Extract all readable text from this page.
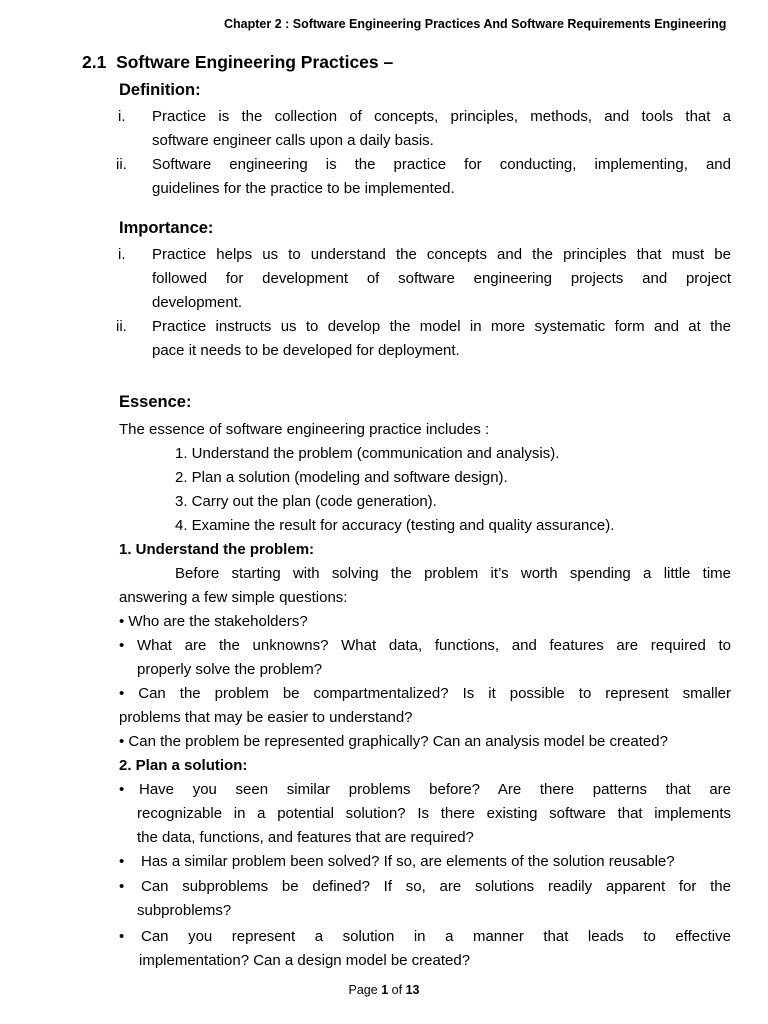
Chapter 2 : Software Engineering Practices And Software Requirements Engineering
2.1 Software Engineering Practices –
Definition:
i. Practice is the collection of concepts, principles, methods, and tools that a
software engineer calls upon a daily basis.
ii. Software engineering is the practice for conducting, implementing, and
guidelines for the practice to be implemented.
Importance:
i. Practice helps us to understand the concepts and the principles that must be
followed for development of software engineering projects and project
development.
ii. Practice instructs us to develop the model in more systematic form and at the
pace it needs to be developed for deployment.
Essence:
The essence of software engineering practice includes :
1. Understand the problem (communication and analysis).
2. Plan a solution (modeling and software design).
3. Carry out the plan (code generation).
4. Examine the result for accuracy (testing and quality assurance).
1. Understand the problem:
Before starting with solving the problem it’s worth spending a little time
answering a few simple questions:
• Who are the stakeholders?
• What are the unknowns? What data, functions, and features are required to
properly solve the problem?
• Can the problem be compartmentalized? Is it possible to represent smaller
problems that may be easier to understand?
• Can the problem be represented graphically? Can an analysis model be created?
2. Plan a solution:
• Have you seen similar problems before? Are there patterns that are
recognizable in a potential solution? Is there existing software that implements
the data, functions, and features that are required?
• Has a similar problem been solved? If so, are elements of the solution reusable?
• Can subproblems be defined? If so, are solutions readily apparent for the
subproblems?
• Can you represent a solution in a manner that leads to effective
implementation? Can a design model be created?
Page 1 of 13
